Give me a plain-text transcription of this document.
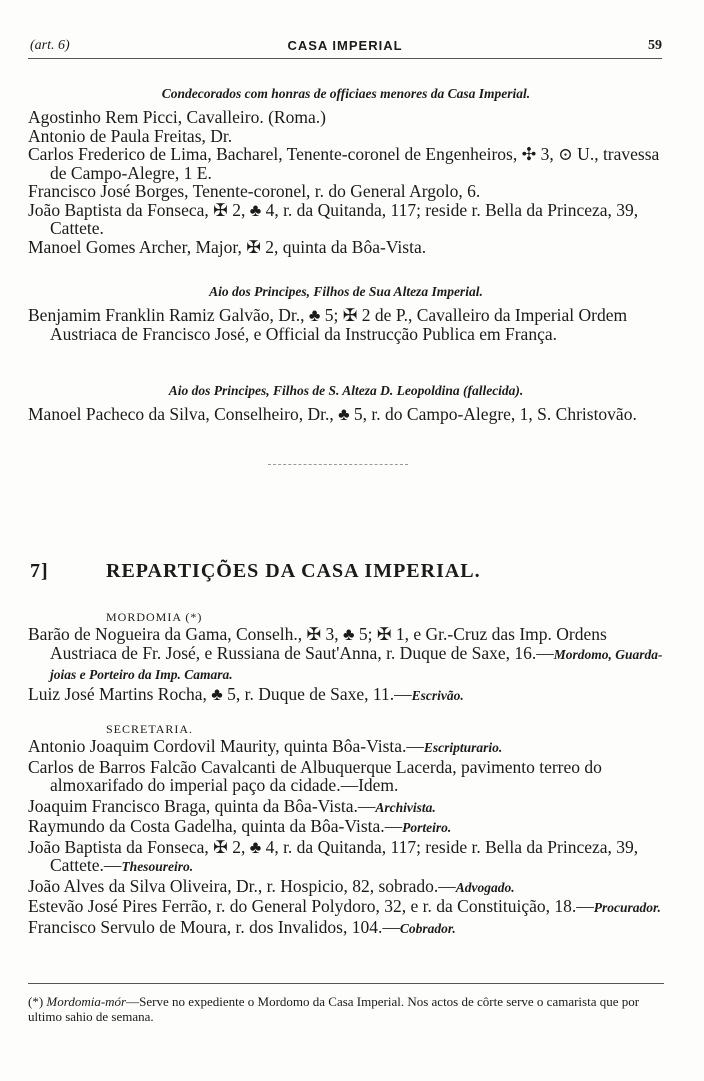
(art. 6)	CASA IMPERIAL	59
Condecorados com honras de officiaes menores da Casa Imperial.
Agostinho Rem Picci, Cavalleiro. (Roma.)
Antonio de Paula Freitas, Dr.
Carlos Frederico de Lima, Bacharel, Tenente-coronel de Engenheiros, ✣ 3, ⊙ U., travessa de Campo-Alegre, 1 E.
Francisco José Borges, Tenente-coronel, r. do General Argolo, 6.
João Baptista da Fonseca, ✠ 2, ♣ 4, r. da Quitanda, 117; reside r. Bella da Princeza, 39, Cattete.
Manoel Gomes Archer, Major, ✠ 2, quinta da Bôa-Vista.
Aio dos Principes, Filhos de Sua Alteza Imperial.
Benjamim Franklin Ramiz Galvão, Dr., ♣ 5; ✠ 2 de P., Cavalleiro da Imperial Ordem Austriaca de Francisco José, e Official da Instrucção Publica em França.
Aio dos Principes, Filhos de S. Alteza D. Leopoldina (fallecida).
Manoel Pacheco da Silva, Conselheiro, Dr., ♣ 5, r. do Campo-Alegre, 1, S. Christovão.
7]	REPARTIÇÕES DA CASA IMPERIAL.
MORDOMIA (*)
Barão de Nogueira da Gama, Conselh., ✠ 3, ♣ 5; ✠ 1, e Gr.-Cruz das Imp. Ordens Austriaca de Fr. José, e Russiana de Saut'Anna, r. Duque de Saxe, 16.—Mordomo, Guarda-joias e Porteiro da Imp. Camara.
Luiz José Martins Rocha, ♣ 5, r. Duque de Saxe, 11.—Escrivão.
SECRETARIA.
Antonio Joaquim Cordovil Maurity, quinta Bôa-Vista.—Escripturario.
Carlos de Barros Falcão Cavalcanti de Albuquerque Lacerda, pavimento terreo do almoxarifado do imperial paço da cidade.—Idem.
Joaquim Francisco Braga, quinta da Bôa-Vista.—Archivista.
Raymundo da Costa Gadelha, quinta da Bôa-Vista.—Porteiro.
João Baptista da Fonseca, ✠ 2, ♣ 4, r. da Quitanda, 117; reside r. Bella da Princeza, 39, Cattete.—Thesoureiro.
João Alves da Silva Oliveira, Dr., r. Hospicio, 82, sobrado.—Advogado.
Estevão José Pires Ferrão, r. do General Polydoro, 32, e r. da Constituição, 18.—Procurador.
Francisco Servulo de Moura, r. dos Invalidos, 104.—Cobrador.
(*) Mordomia-mór—Serve no expediente o Mordomo da Casa Imperial. Nos actos de côrte serve o camarista que por ultimo sahio de semana.
